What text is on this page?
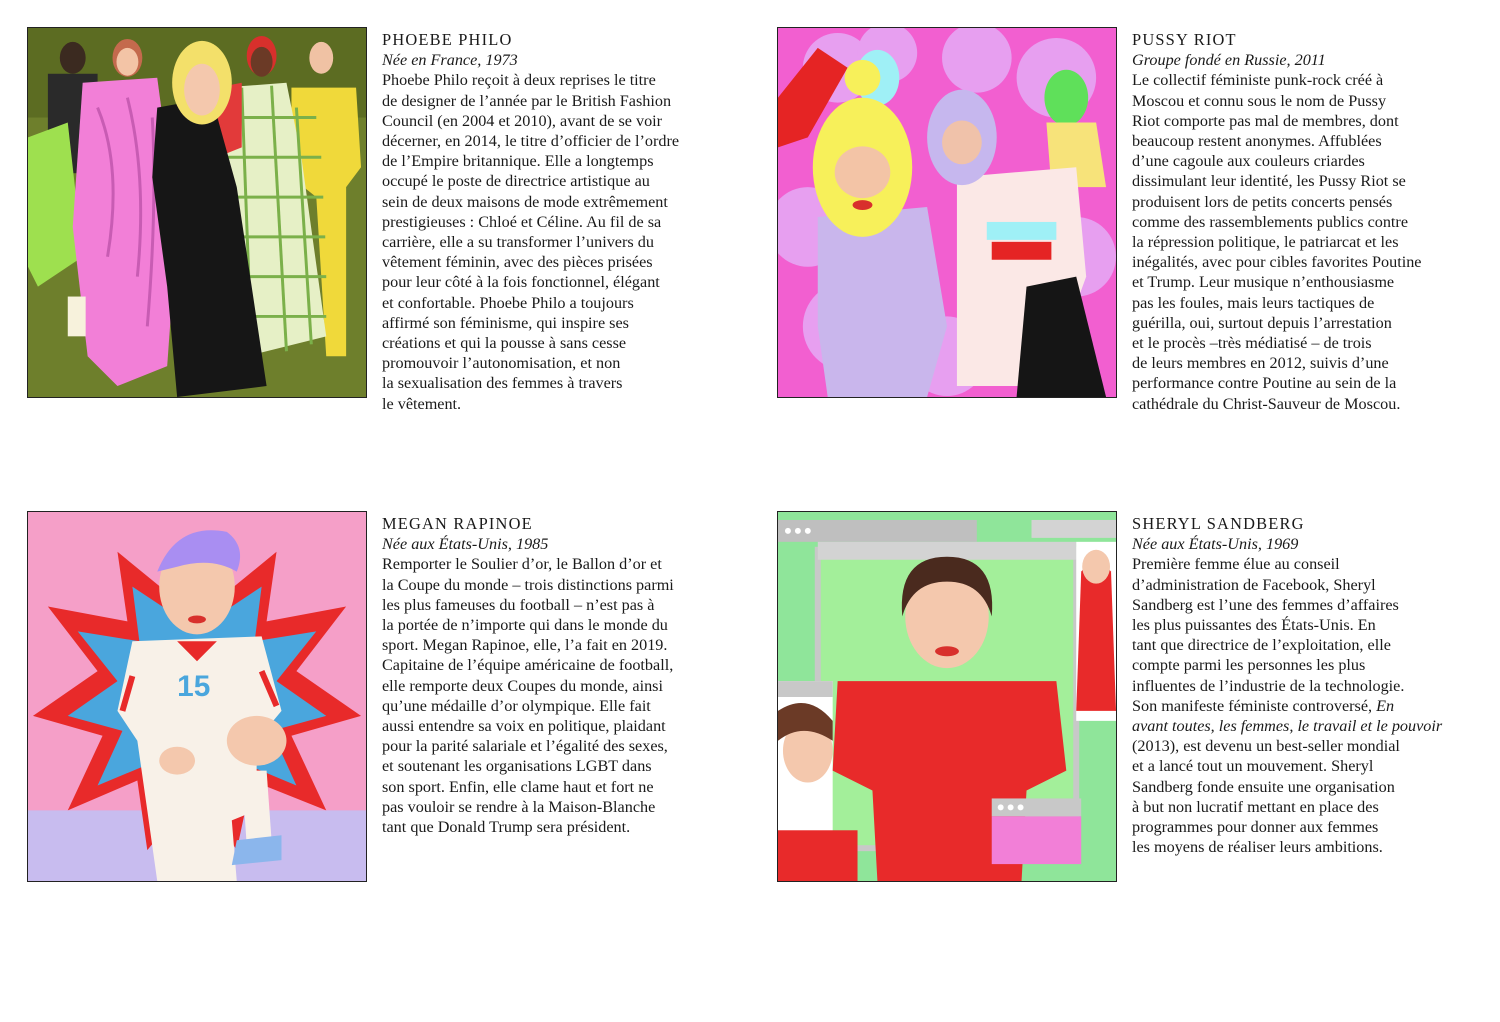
PHOEBE PHILO

Née en France, 1973

Phoebe Philo reçoit à deux reprises le titre
de designer de l’année par le British Fashion
Council (en 2004 et 2010), avant de se voir
décerner, en 2014, le titre d’officier de l’ordre
de l’Empire britannique. Elle a longtemps
occupé le poste de directrice artistique au
sein de deux maisons de mode extrêmement
prestigieuses : Chloé et Céline. Au fil de sa
carrière, elle a su transformer l’univers du
vêtement féminin, avec des pièces prisées
pour leur côté à la fois fonctionnel, élégant
et confortable. Phoebe Philo a toujours
affirmé son féminisme, qui inspire ses
créations et qui la pousse à sans cesse
promouvoir l’autonomisation, et non
la sexualisation des femmes à travers
le vêtement.

PUSSY RIOT

Groupe fondé en Russie, 2011

Le collectif féministe punk-rock créé à
Moscou et connu sous le nom de Pussy
Riot comporte pas mal de membres, dont
beaucoup restent anonymes. Affublées
d’une cagoule aux couleurs criardes
dissimulant leur identité, les Pussy Riot se
produisent lors de petits concerts pensés
comme des rassemblements publics contre
la répression politique, le patriarcat et les
inégalités, avec pour cibles favorites Poutine
et Trump. Leur musique n’enthousiasme
pas les foules, mais leurs tactiques de
guérilla, oui, surtout depuis l’arrestation
et le procès –très médiatisé – de trois
de leurs membres en 2012, suivis d’une
performance contre Poutine au sein de la
cathédrale du Christ-Sauveur de Moscou.

15

MEGAN RAPINOE

Née aux États-Unis, 1985

Remporter le Soulier d’or, le Ballon d’or et
la Coupe du monde – trois distinctions parmi
les plus fameuses du football – n’est pas à
la portée de n’importe qui dans le monde du
sport. Megan Rapinoe, elle, l’a fait en 2019.
Capitaine de l’équipe américaine de football,
elle remporte deux Coupes du monde, ainsi
qu’une médaille d’or olympique. Elle fait
aussi entendre sa voix en politique, plaidant
pour la parité salariale et l’égalité des sexes,
et soutenant les organisations LGBT dans
son sport. Enfin, elle clame haut et fort ne
pas vouloir se rendre à la Maison-Blanche
tant que Donald Trump sera président.

SHERYL SANDBERG

Née aux États-Unis, 1969

Première femme élue au conseil
d’administration de Facebook, Sheryl
Sandberg est l’une des femmes d’affaires
les plus puissantes des États-Unis. En
tant que directrice de l’exploitation, elle
compte parmi les personnes les plus
influentes de l’industrie de la technologie.
Son manifeste féministe controversé, En
avant toutes, les femmes, le travail et le pouvoir
(2013), est devenu un best-seller mondial
et a lancé tout un mouvement. Sheryl
Sandberg fonde ensuite une organisation
à but non lucratif mettant en place des
programmes pour donner aux femmes
les moyens de réaliser leurs ambitions.
